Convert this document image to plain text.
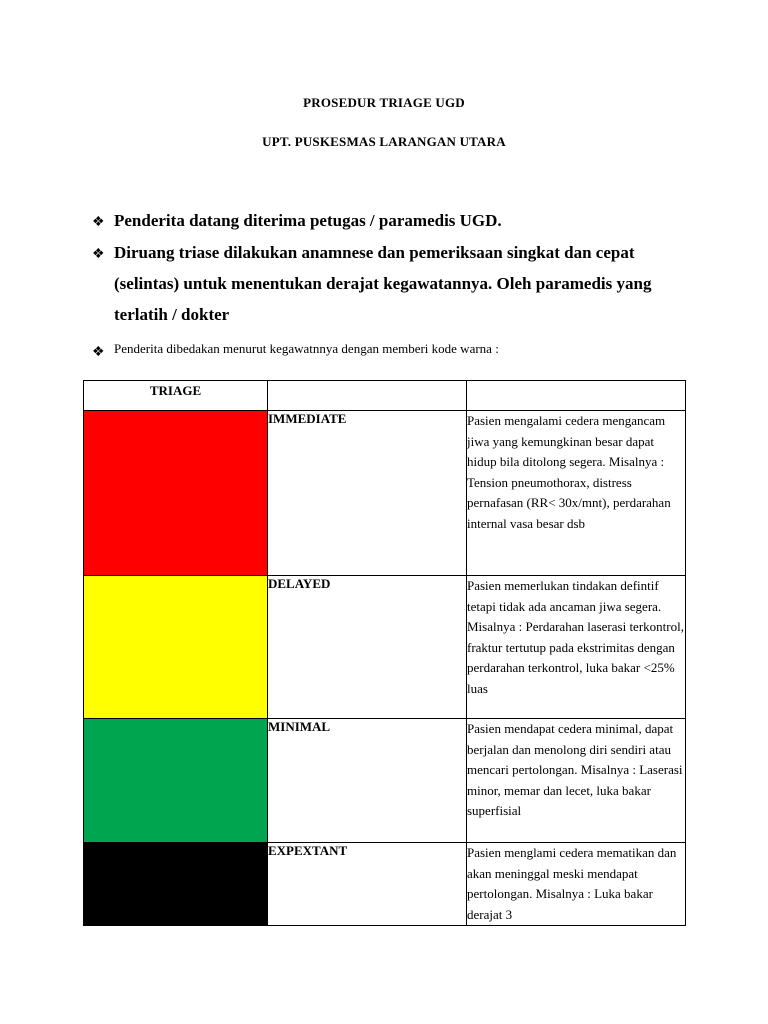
PROSEDUR TRIAGE UGD
UPT. PUSKESMAS LARANGAN UTARA
❖ Penderita datang diterima petugas / paramedis UGD.
❖ Diruang triase dilakukan anamnese dan pemeriksaan singkat dan cepat (selintas) untuk menentukan derajat kegawatannya. Oleh paramedis yang terlatih / dokter
❖ Penderita dibedakan menurut kegawatnnya dengan memberi kode warna :
TRIAGE		
	IMMEDIATE	Pasien mengalami cedera mengancam jiwa yang kemungkinan besar dapat hidup bila ditolong segera. Misalnya : Tension pneumothorax, distress pernafasan (RR< 30x/mnt), perdarahan internal vasa besar dsb
	DELAYED	Pasien memerlukan tindakan defintif tetapi tidak ada ancaman jiwa segera. Misalnya : Perdarahan laserasi terkontrol, fraktur tertutup pada ekstrimitas dengan perdarahan terkontrol, luka bakar <25% luas
	MINIMAL	Pasien mendapat cedera minimal, dapat berjalan dan menolong diri sendiri atau mencari pertolongan. Misalnya : Laserasi minor, memar dan lecet, luka bakar superfisial
	EXPEXTANT	Pasien menglami cedera mematikan dan akan meninggal meski mendapat pertolongan. Misalnya : Luka bakar derajat 3
